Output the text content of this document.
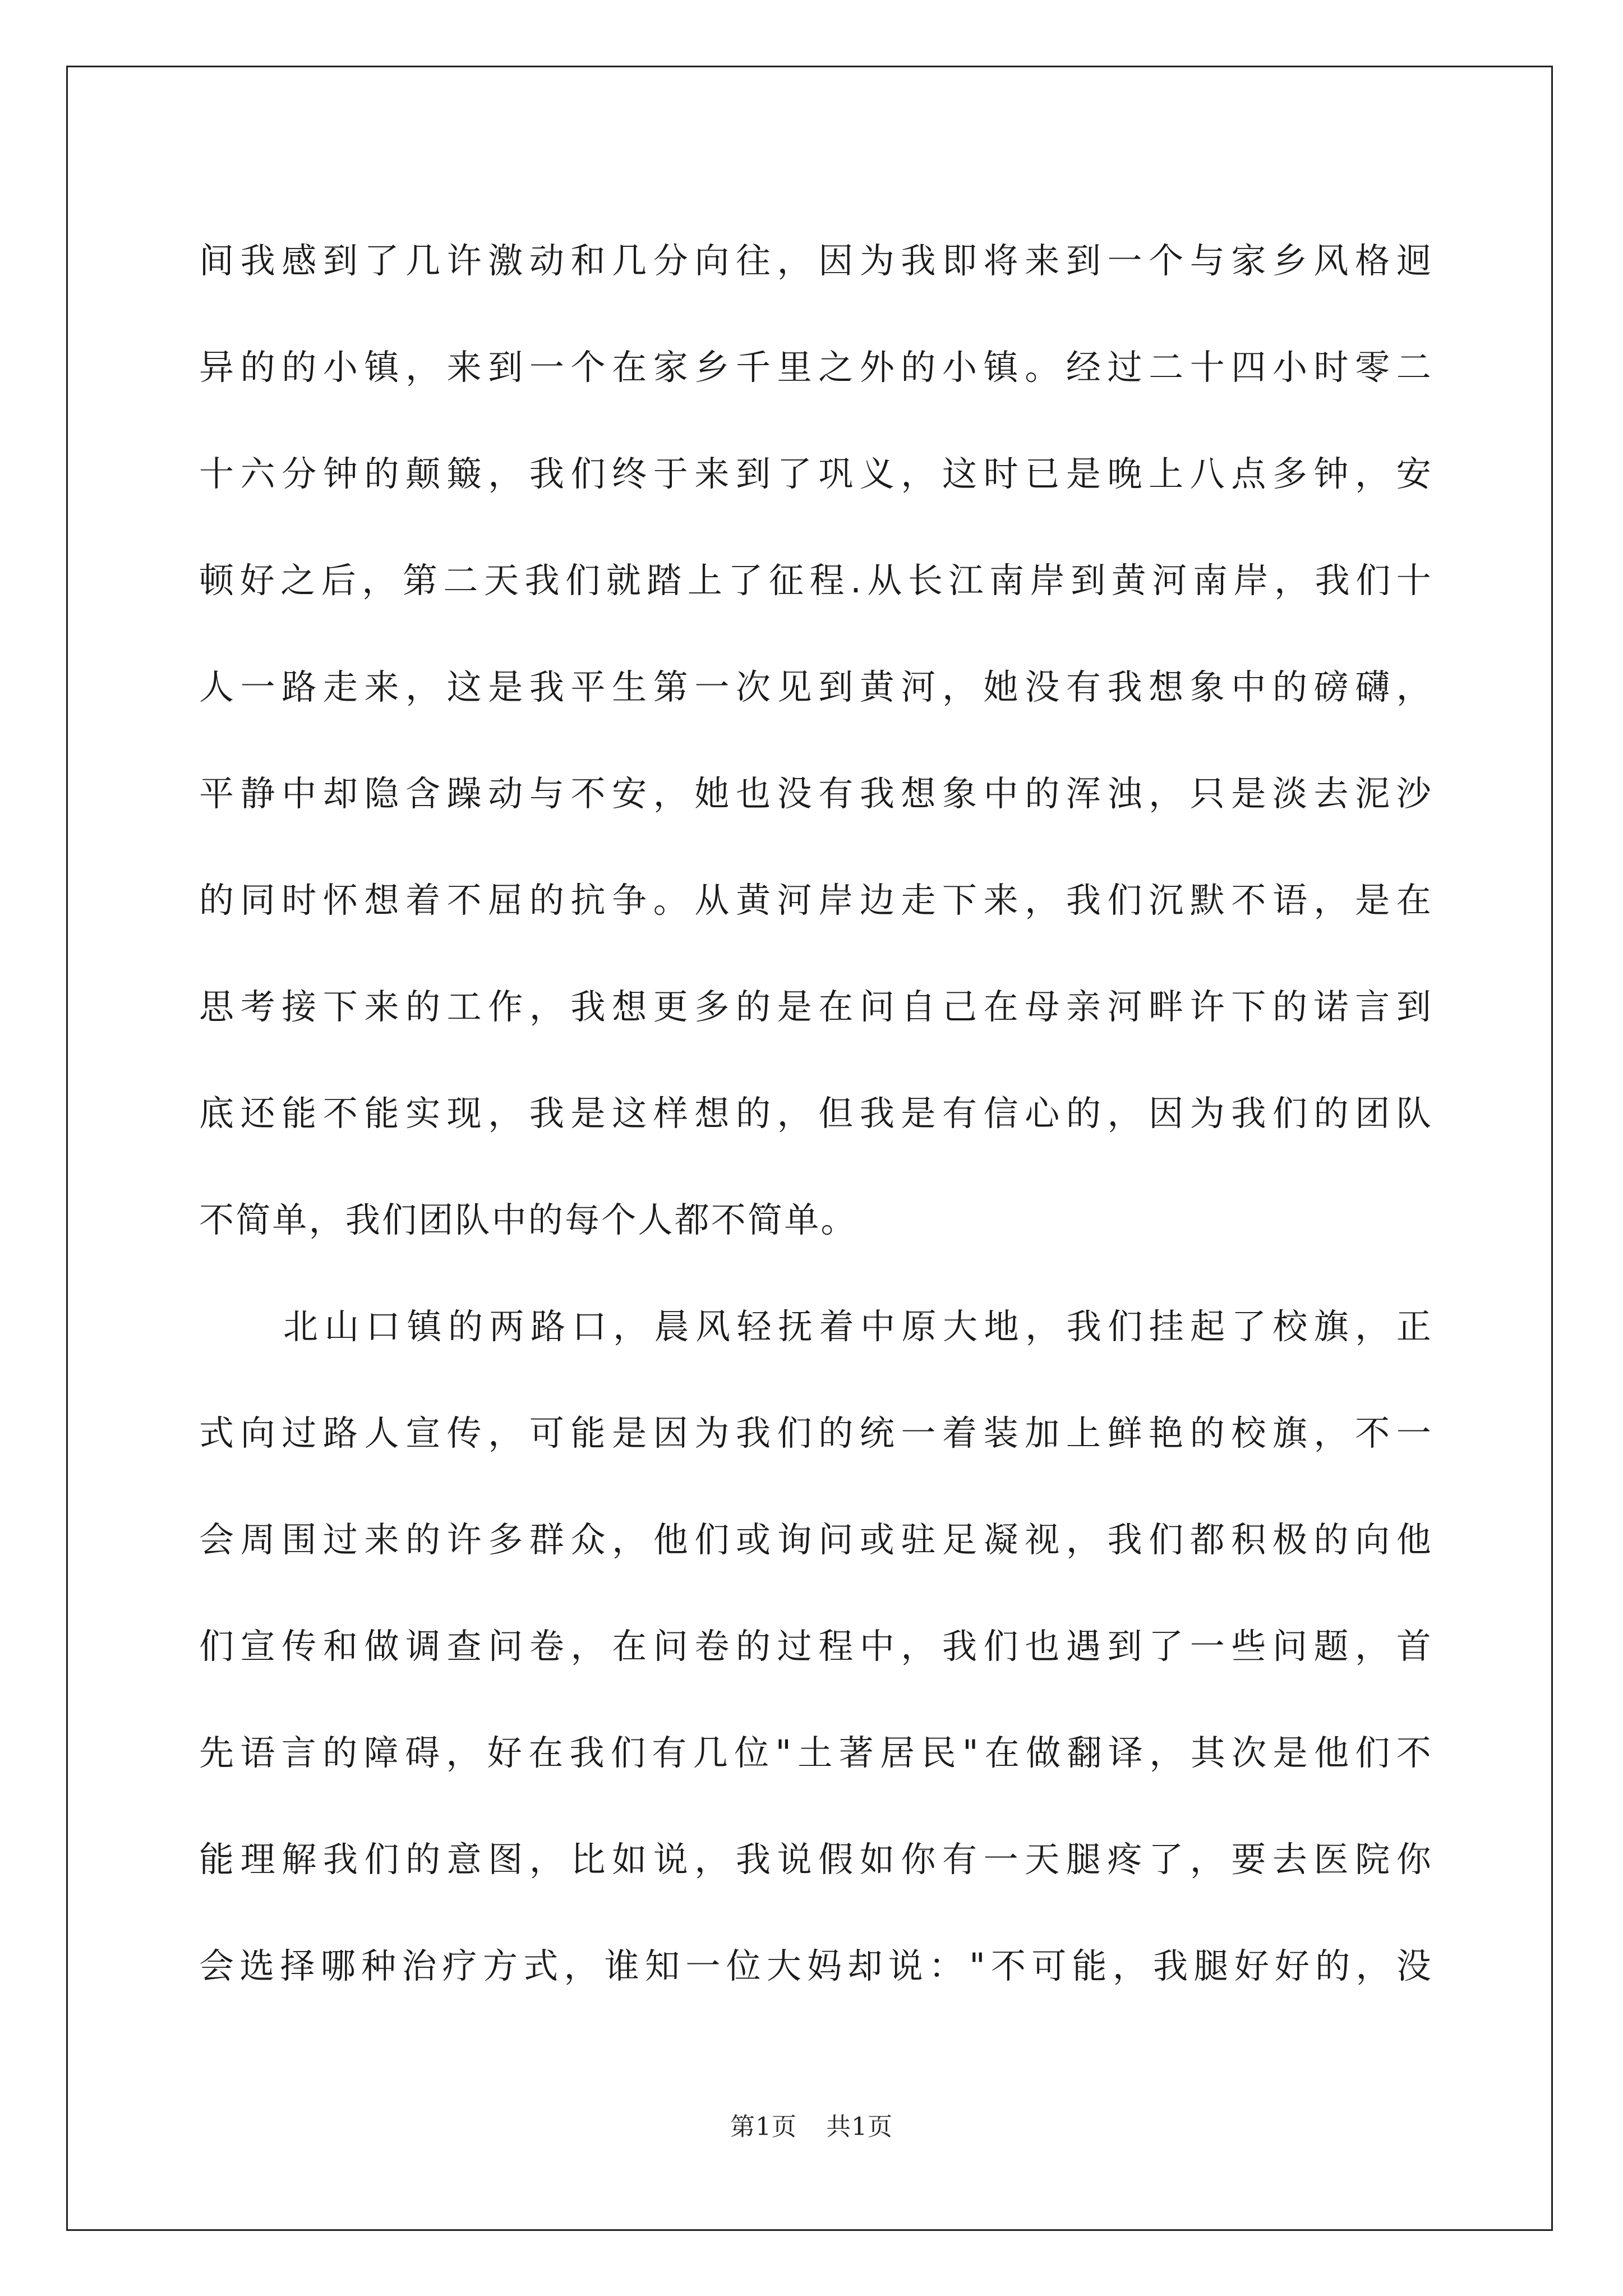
间我感到了几许激动和几分向往，因为我即将来到一个与家乡风格迥
异的的小镇，来到一个在家乡千里之外的小镇。经过二十四小时零二
十六分钟的颠簸，我们终于来到了巩义，这时已是晚上八点多钟，安
顿好之后，第二天我们就踏上了征程.从长江南岸到黄河南岸，我们十
人一路走来，这是我平生第一次见到黄河，她没有我想象中的磅礴，
平静中却隐含躁动与不安，她也没有我想象中的浑浊，只是淡去泥沙
的同时怀想着不屈的抗争。从黄河岸边走下来，我们沉默不语，是在
思考接下来的工作，我想更多的是在问自己在母亲河畔许下的诺言到
底还能不能实现，我是这样想的，但我是有信心的，因为我们的团队
不简单，我们团队中的每个人都不简单。
北山口镇的两路口，晨风轻抚着中原大地，我们挂起了校旗，正
式向过路人宣传，可能是因为我们的统一着装加上鲜艳的校旗，不一
会周围过来的许多群众，他们或询问或驻足凝视，我们都积极的向他
们宣传和做调查问卷，在问卷的过程中，我们也遇到了一些问题，首
先语言的障碍，好在我们有几位"土著居民"在做翻译，其次是他们不
能理解我们的意图，比如说，我说假如你有一天腿疼了，要去医院你
会选择哪种治疗方式，谁知一位大妈却说："不可能，我腿好好的，没
第1页 共1页
